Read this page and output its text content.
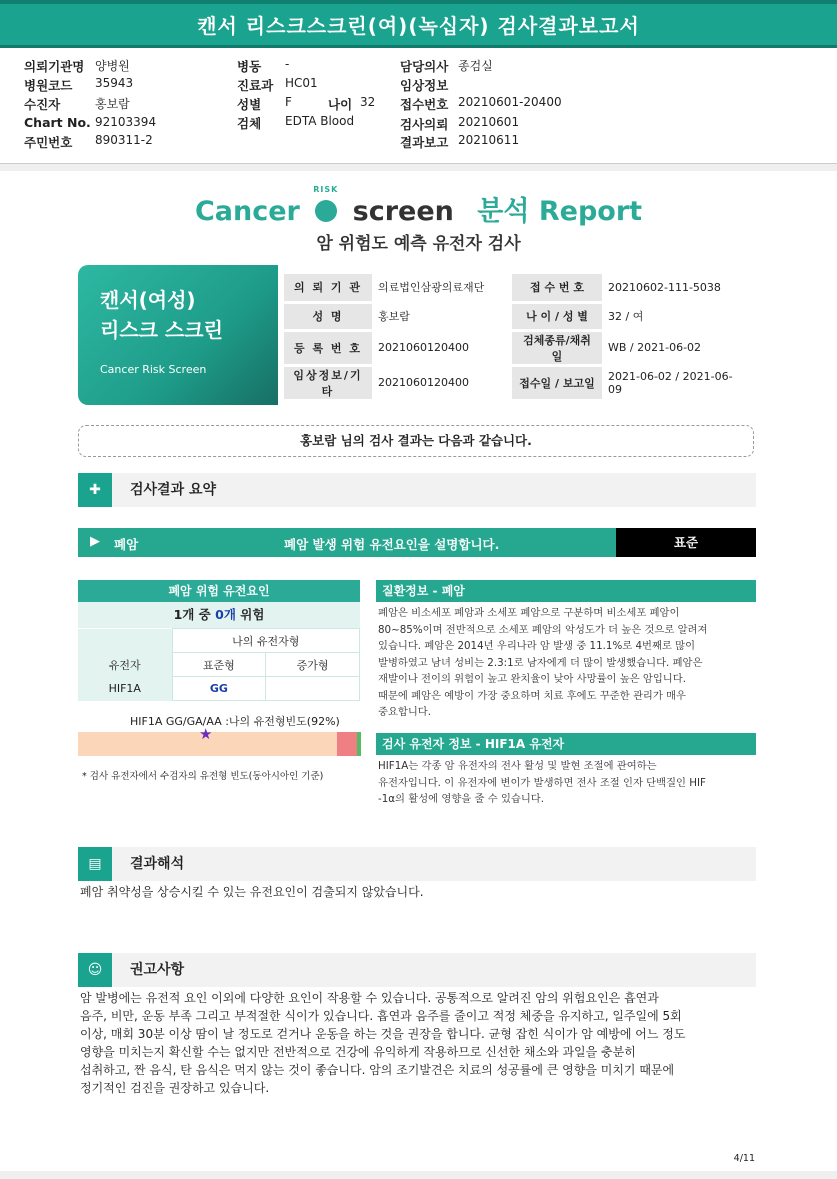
캔서 리스크스크린(여)(녹십자) 검사결과보고서
의뢰기관명 양병원
병원코드 35943
수진자	홍보람
Chart No. 92103394
주민번호 890311-2
병동 -
진료과 HC01
성별 F	나이 32
검체 EDTA Blood
담당의사 종검실
임상정보
접수번호 20210601-20400
검사의뢰 20210601
결과보고 20210611
Cancer
RISK
screen 분석 Report
암 위험도 예측 유전자 검사
캔서(여성)
리스크 스크린
Cancer Risk Screen
의 뢰 기 관	의료법인삼광의료재단	접 수 번 호	20210602-111-5038
성 명	홍보람	나 이 / 성 별	32 / 여
등 록 번 호	2021060120400	검체종류/채취일	WB / 2021-06-02
임상정보/기타	2021060120400	접수일 / 보고일	2021-06-02 / 2021-06-09
홍보람 님의 검사 결과는 다음과 같습니다.
✚	검사결과 요약
▶ 폐암	폐암 발생 위험 유전요인을 설명합니다.	표준
폐암 위험 유전요인
1개 중 0개 위험
	나의 유전자형	
유전자	표준형	증가형
HIF1A	GG	
HIF1A GG/GA/AA :나의 유전형빈도(92%)
★
* 검사 유전자에서 수검자의 유전형 빈도(동아시아인 기준)
질환정보 - 폐암
폐암은 비소세포 폐암과 소세포 폐암으로 구분하며 비소세포 폐암이
80~85%이며 전반적으로 소세포 폐암의 악성도가 더 높은 것으로 알려져
있습니다. 폐암은 2014년 우리나라 암 발생 중 11.1%로 4번째로 많이
발병하였고 남녀 성비는 2.3:1로 남자에게 더 많이 발생했습니다. 폐암은
재발이나 전이의 위험이 높고 완치율이 낮아 사망률이 높은 암입니다.
때문에 폐암은 예방이 가장 중요하며 치료 후에도 꾸준한 관리가 매우
중요합니다.
검사 유전자 정보 - HIF1A 유전자
HIF1A는 각종 암 유전자의 전사 활성 및 발현 조절에 관여하는
유전자입니다. 이 유전자에 변이가 발생하면 전사 조절 인자 단백질인 HIF
-1α의 활성에 영향을 줄 수 있습니다.
▤	결과해석
폐암 취약성을 상승시킬 수 있는 유전요인이 검출되지 않았습니다.
☺	권고사항
암 발병에는 유전적 요인 이외에 다양한 요인이 작용할 수 있습니다. 공통적으로 알려진 암의 위험요인은 흡연과
음주, 비만, 운동 부족 그리고 부적절한 식이가 있습니다. 흡연과 음주를 줄이고 적정 체중을 유지하고, 일주일에 5회
이상, 매회 30분 이상 땀이 날 정도로 걷거나 운동을 하는 것을 권장을 합니다. 균형 잡힌 식이가 암 예방에 어느 정도
영향을 미치는지 확신할 수는 없지만 전반적으로 건강에 유익하게 작용하므로 신선한 채소와 과일을 충분히
섭취하고, 짠 음식, 탄 음식은 먹지 않는 것이 좋습니다. 암의 조기발견은 치료의 성공률에 큰 영향을 미치기 때문에
정기적인 검진을 권장하고 있습니다.
4/11
